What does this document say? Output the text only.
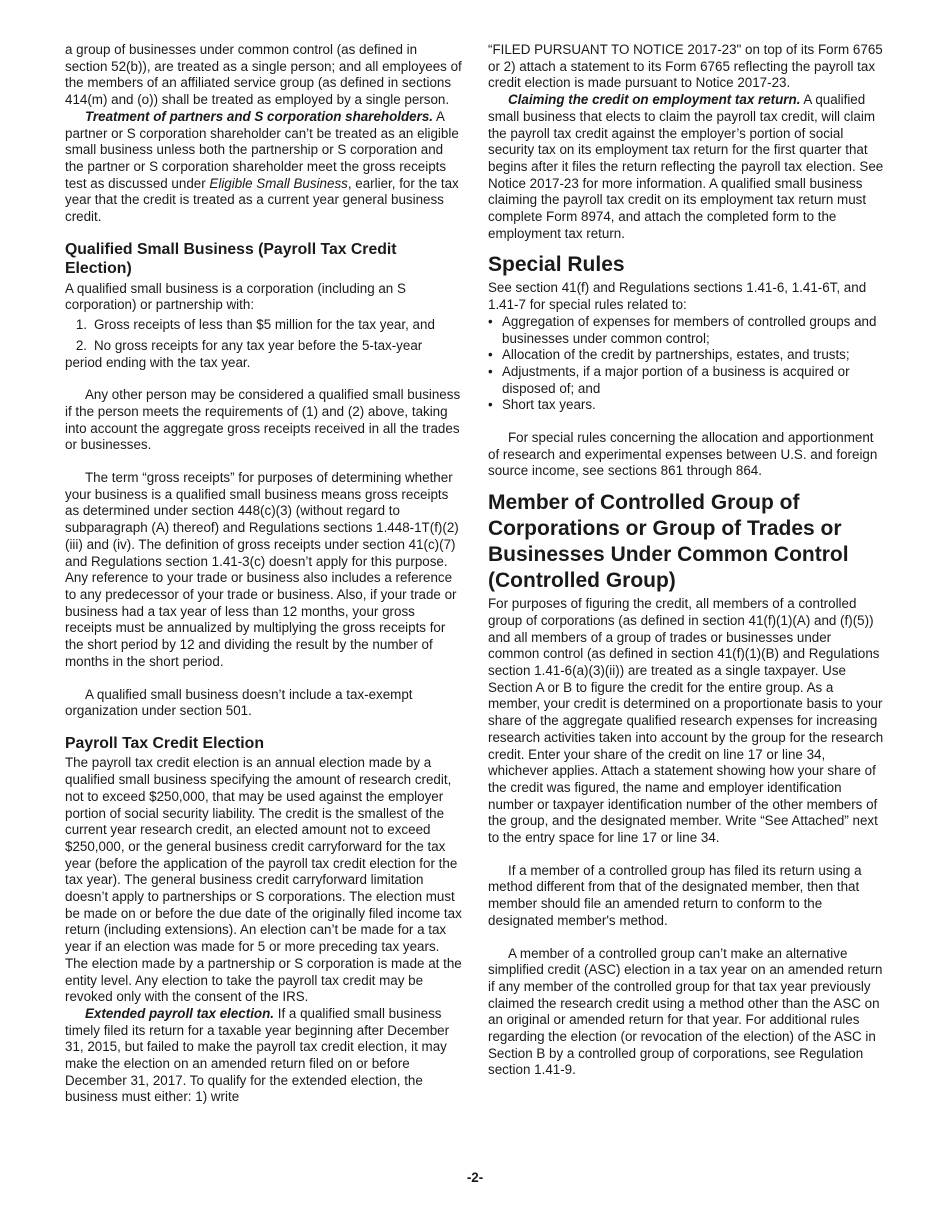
a group of businesses under common control (as defined in section 52(b)), are treated as a single person; and all employees of the members of an affiliated service group (as defined in sections 414(m) and (o)) shall be treated as employed by a single person.

Treatment of partners and S corporation shareholders. A partner or S corporation shareholder can’t be treated as an eligible small business unless both the partnership or S corporation and the partner or S corporation shareholder meet the gross receipts test as discussed under Eligible Small Business, earlier, for the tax year that the credit is treated as a current year general business credit.

Qualified Small Business (Payroll Tax Credit Election)

A qualified small business is a corporation (including an S corporation) or partnership with:

1. Gross receipts of less than $5 million for the tax year, and
2. No gross receipts for any tax year before the 5-tax-year period ending with the tax year.

Any other person may be considered a qualified small business if the person meets the requirements of (1) and (2) above, taking into account the aggregate gross receipts received in all the trades or businesses.

The term “gross receipts” for purposes of determining whether your business is a qualified small business means gross receipts as determined under section 448(c)(3) (without regard to subparagraph (A) thereof) and Regulations sections 1.448-1T(f)(2)(iii) and (iv). The definition of gross receipts under section 41(c)(7) and Regulations section 1.41-3(c) doesn’t apply for this purpose. Any reference to your trade or business also includes a reference to any predecessor of your trade or business. Also, if your trade or business had a tax year of less than 12 months, your gross receipts must be annualized by multiplying the gross receipts for the short period by 12 and dividing the result by the number of months in the short period.

A qualified small business doesn’t include a tax-exempt organization under section 501.

Payroll Tax Credit Election

The payroll tax credit election is an annual election made by a qualified small business specifying the amount of research credit, not to exceed $250,000, that may be used against the employer portion of social security liability. The credit is the smallest of the current year research credit, an elected amount not to exceed $250,000, or the general business credit carryforward for the tax year (before the application of the payroll tax credit election for the tax year). The general business credit carryforward limitation doesn’t apply to partnerships or S corporations. The election must be made on or before the due date of the originally filed income tax return (including extensions). An election can’t be made for a tax year if an election was made for 5 or more preceding tax years. The election made by a partnership or S corporation is made at the entity level. Any election to take the payroll tax credit may be revoked only with the consent of the IRS.

Extended payroll tax election. If a qualified small business timely filed its return for a taxable year beginning after December 31, 2015, but failed to make the payroll tax credit election, it may make the election on an amended return filed on or before December 31, 2017. To qualify for the extended election, the business must either: 1) write

“FILED PURSUANT TO NOTICE 2017-23" on top of its Form 6765 or 2) attach a statement to its Form 6765 reflecting the payroll tax credit election is made pursuant to Notice 2017-23.

Claiming the credit on employment tax return. A qualified small business that elects to claim the payroll tax credit, will claim the payroll tax credit against the employer’s portion of social security tax on its employment tax return for the first quarter that begins after it files the return reflecting the payroll tax election. See Notice 2017-23 for more information. A qualified small business claiming the payroll tax credit on its employment tax return must complete Form 8974, and attach the completed form to the employment tax return.

Special Rules

See section 41(f) and Regulations sections 1.41-6, 1.41-6T, and 1.41-7 for special rules related to:

• Aggregation of expenses for members of controlled groups and businesses under common control;
• Allocation of the credit by partnerships, estates, and trusts;
• Adjustments, if a major portion of a business is acquired or disposed of; and
• Short tax years.

For special rules concerning the allocation and apportionment of research and experimental expenses between U.S. and foreign source income, see sections 861 through 864.

Member of Controlled Group of Corporations or Group of Trades or Businesses Under Common Control (Controlled Group)

For purposes of figuring the credit, all members of a controlled group of corporations (as defined in section 41(f)(1)(A) and (f)(5)) and all members of a group of trades or businesses under common control (as defined in section 41(f)(1)(B) and Regulations section 1.41-6(a)(3)(ii)) are treated as a single taxpayer. Use Section A or B to figure the credit for the entire group. As a member, your credit is determined on a proportionate basis to your share of the aggregate qualified research expenses for increasing research activities taken into account by the group for the research credit. Enter your share of the credit on line 17 or line 34, whichever applies. Attach a statement showing how your share of the credit was figured, the name and employer identification number or taxpayer identification number of the other members of the group, and the designated member. Write “See Attached” next to the entry space for line 17 or line 34.

If a member of a controlled group has filed its return using a method different from that of the designated member, then that member should file an amended return to conform to the designated member's method.

A member of a controlled group can’t make an alternative simplified credit (ASC) election in a tax year on an amended return if any member of the controlled group for that tax year previously claimed the research credit using a method other than the ASC on an original or amended return for that year. For additional rules regarding the election (or revocation of the election) of the ASC in Section B by a controlled group of corporations, see Regulation section 1.41-9.

-2-
